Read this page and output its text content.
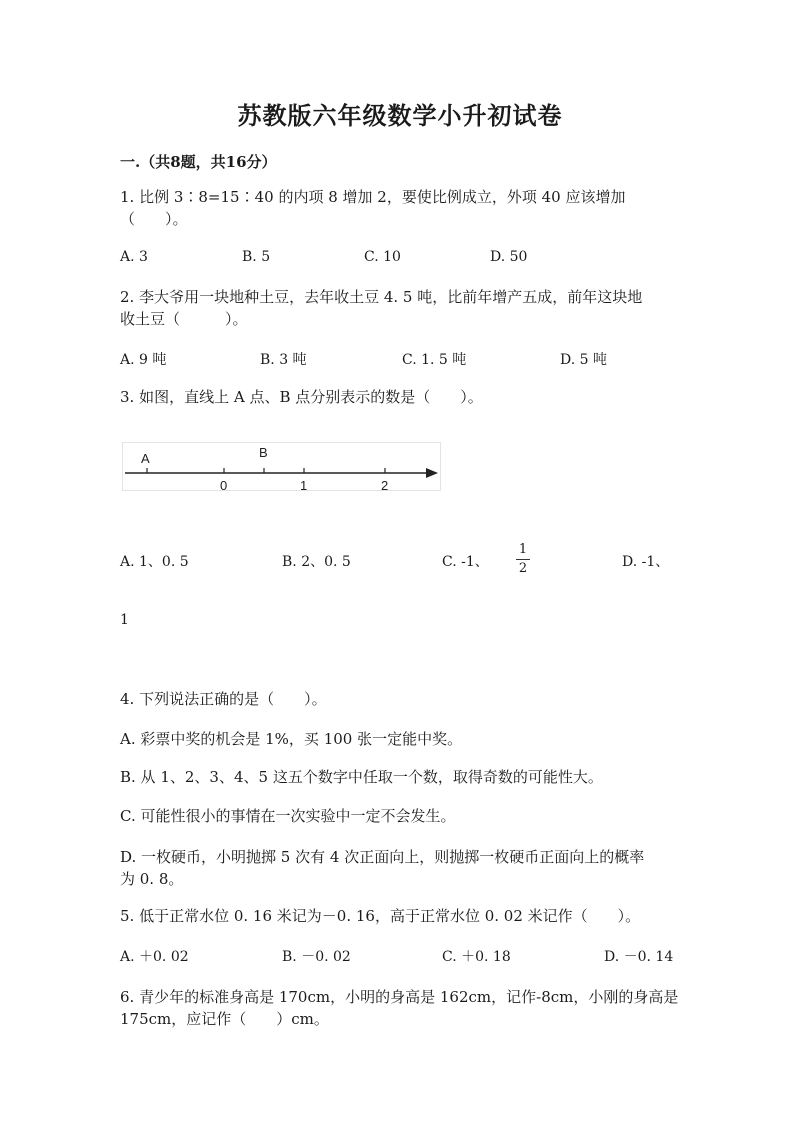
苏教版六年级数学小升初试卷
一.（共8题，共16分）
1. 比例 3∶8=15∶40 的内项 8 增加 2，要使比例成立，外项 40 应该增加
（　　）。
A. 3	B. 5	C. 10	D. 50
2. 李大爷用一块地种土豆，去年收土豆 4. 5 吨，比前年增产五成，前年这块地
收土豆（　　　）。
A. 9 吨	B. 3 吨	C. 1. 5 吨	D. 5 吨
3. 如图，直线上 A 点、B 点分别表示的数是（　　）。
A	B
0	1	2
A. 1、0. 5	B. 2、0. 5	C. -1、
1
2	D. -1、
1
4. 下列说法正确的是（　　）。
A. 彩票中奖的机会是 1%，买 100 张一定能中奖。
B. 从 1、2、3、4、5 这五个数字中任取一个数，取得奇数的可能性大。
C. 可能性很小的事情在一次实验中一定不会发生。
D. 一枚硬币，小明抛掷 5 次有 4 次正面向上，则抛掷一枚硬币正面向上的概率
为 0. 8。
5. 低于正常水位 0. 16 米记为－0. 16，高于正常水位 0. 02 米记作（　　）。
A. ＋0. 02	B. －0. 02	C. ＋0. 18	D. －0. 14
6. 青少年的标准身高是 170cm，小明的身高是 162cm，记作-8cm，小刚的身高是
175cm，应记作（　　）cm。
